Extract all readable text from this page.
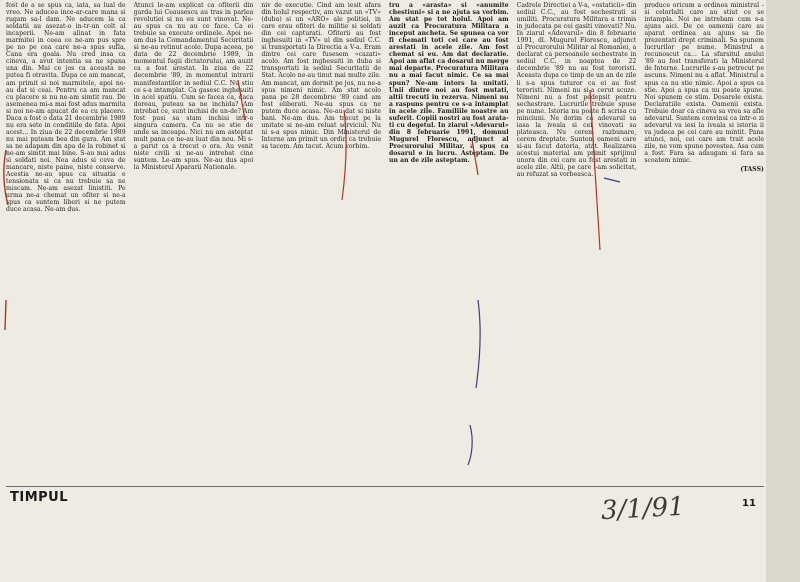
fost de a se spus ca, iata, sa lual de vreo. Ne aducea ince-ar-care mana si rugam sa-l dam. Ne aducem la ca soldatii au asezat-o in-tr-un colt al incaperii. Ne-am alinat in fata marmitei in ceea ce ne-am pus spre pe no pe cea care ne-a spus sufla. Cana era goala. Nu cred insa ca cineva, a avut intentia sa ne spuna una din. Mai ce jos ca aceasta ne putea fi otravita. Dupa ce am mancat, am primit si noi marmitele, apoi ne-au dat si ceai. Pentru ca am mancat cu placere si nu ne-am simtit rau. De asemenea mi-a mai fost adus marmita si noi ne-am apucat de ea cu placere. Daca a fost o data 21 decembrie 1989 nu era sete in conditiile de fata. Apoi acest... In ziua de 22 decembrie 1989 nu mai puteam bea din gura. Am stat sa ne adapam din apa de la robinet si ne-am simtit mai bine. S-au mai adus si soldati noi. Nea adus si ceva de mancare, niste paine, niste conserve. Acestia ne-au spus ca situatia e tensionata si ca nu trebuie sa ne miscam. Ne-am asezat linistiti. Pe urma ne-a chemat un ofiter si ne-a spus ca suntem liberi si ne putem duce acasa. Ne-am dus.
Atunci le-am explicat ca ofiterii din garda lui Ceausescu au tras in parlea revolutiei si nu eu sunt vinovat. Ne-au spus ca nu au ce face. Ca ei trebuie sa execute ordinele. Apoi ne-am dus la Comandamentul Securitatii si ne-au retinut acolo. Dupa aceea, pe data de 22 decembrie 1989, in momentul fugii dictatorului, am auzit ca a fost arestat. In ziua de 22 decembrie '89, in momentul intrarii manifestantilor in sediul C.C. Nu stiu ce s-a intamplat. Ca gasesc inghesuiti in acel spatiu. Cum se facea ca, daca doreau, puteau sa ne inchida? Am intrebat ce, sunt inchisi de un-de? Am fost pusi sa stam inchisi intr-o singura camera. Ca nu se stie de unde sa inceapa. Nici nu am asteptat mult pana ce ne-au luat din nou. Mi s-a parut ca a trecut o ora. Au venit niste civili si ne-au intrebat cine suntem. Le-am spus. Ne-au dus apoi la Ministerul Apararii Nationale.
niv de executie. Cind am iesit afara din holul respectiv, am vazut un «TV» (duba) si un «ARO» ale politiei, in care erau ofiteri de militie si soldati din cei capturati. Ofiterii au fost inghesuiti in «TV» ul din sediul C.C. si transportati la Directia a V-a. Eram dintre cei care fusesem «cazati» acolo. Am fost inghesuiti in duba si transportati la sediul Securitatii de Stat. Acolo ne-au tinut mai multe zile. Am mancat, am dormit pe jos, nu ne-a spus nimeni nimic. Am stat acolo pana pe 28 decembrie '89 cand am fost eliberati. Ne-au spus ca ne putem duce acasa. Ne-au dat si niste bani. Ne-am dus. Am trecut pe la unitate si ne-am reluat serviciul. Nu ni s-a spus nimic. Din Ministerul de Interne am primit un ordin ca trebuie sa tacem. Am tacut. Acum vorbim.
tru a «arasta» si «anumite chestiuni» si a ne ajuta sa vorbim. Am stat pe tot holul. Apoi am auzit ca Procuratura Militara a inceput ancheta. Se spunea ca vor fi chemati toti cei care au fost arestati in acele zile. Am fost chemat si eu. Am dat declaratie. Apoi am aflat ca dosarul nu merge mai departe. Procuratura Militara nu a mai facut nimic. Ce sa mai spun? Ne-am intors la unitati. Unii dintre noi au fost mutati, altii trecuti in rezerva. Nimeni nu a raspuns pentru ce s-a intamplat in acele zile. Familiile noastre au suferit. Copiii nostri au fost arata-ti cu degetul. In ziarul «Adevarul» din 8 februarie 1991, domnul Mugurel Florescu, adjunct al Procurorului Militar, a spus ca dosarul e in lucru. Asteptam. De un an de zile asteptam.
Cadrele Directiei a V-a, «ostaticii» din sediul C.C., au fost sechestrati si umiliti. Procuratura Militara a trimis in judecata pe cei gasiti vinovati? Nu. In ziarul «Adevarul» din 8 februarie 1991, dl. Mugurel Florescu, adjunct al Procurorului Militar al Romaniei, a declarat ca persoanele sechestrate in sediul C.C. in noaptea de 22 decembrie '89 nu au fost teroristi. Aceasta dupa ce timp de un an de zile li s-a spus tuturor ca ei au fost teroristi. Nimeni nu si-a cerut scuze. Nimeni nu a fost pedepsit pentru sechestrare. Lucrurile trebuie spuse pe nume. Istoria nu poate fi scrisa cu minciuni. Ne dorim ca adevarul sa iasa la iveala si cei vinovati sa plateasca. Nu cerem razbunare, cerem dreptate. Suntem oameni care si-au facut datoria, atat. Realizarea acestui material am primit sprijinul unora din cei care au fost arestati in acele zile. Altii, pe care i-am solicitat, au refuzat sa vorbeasca.
produce oricum a ordinea ministrul - si celorlalti care au stiut ce se intampla. Noi ne intrebam cum s-a ajuns aici. De ce oamenii care au aparat ordinea au ajuns sa fie prezentati drept criminali. Sa spunem lucrurilor pe nume. Ministrul a recunoscut ca... La sfarsitul anului '89 au fost transferati la Ministerul de Interne. Lucrurile s-au petrecut pe ascuns. Nimeni nu a aflat. Ministrul a spus ca nu stie nimic. Apoi a spus ca stie. Apoi a spus ca nu poate spune. Noi spunem ce stim. Dosarele exista. Declaratiile exista. Oamenii exista. Trebuie doar ca cineva sa vrea sa afle adevarul. Suntem convinsi ca intr-o zi adevarul va iesi la iveala si istoria ii va judeca pe cei care au mintit. Pana atunci, noi, cei care am trait acele zile, ne vom spune povestea. Asa cum a fost. Fara sa adaugam si fara sa scoatem nimic.
(TASS)
TIMPUL	3/1/91	11
